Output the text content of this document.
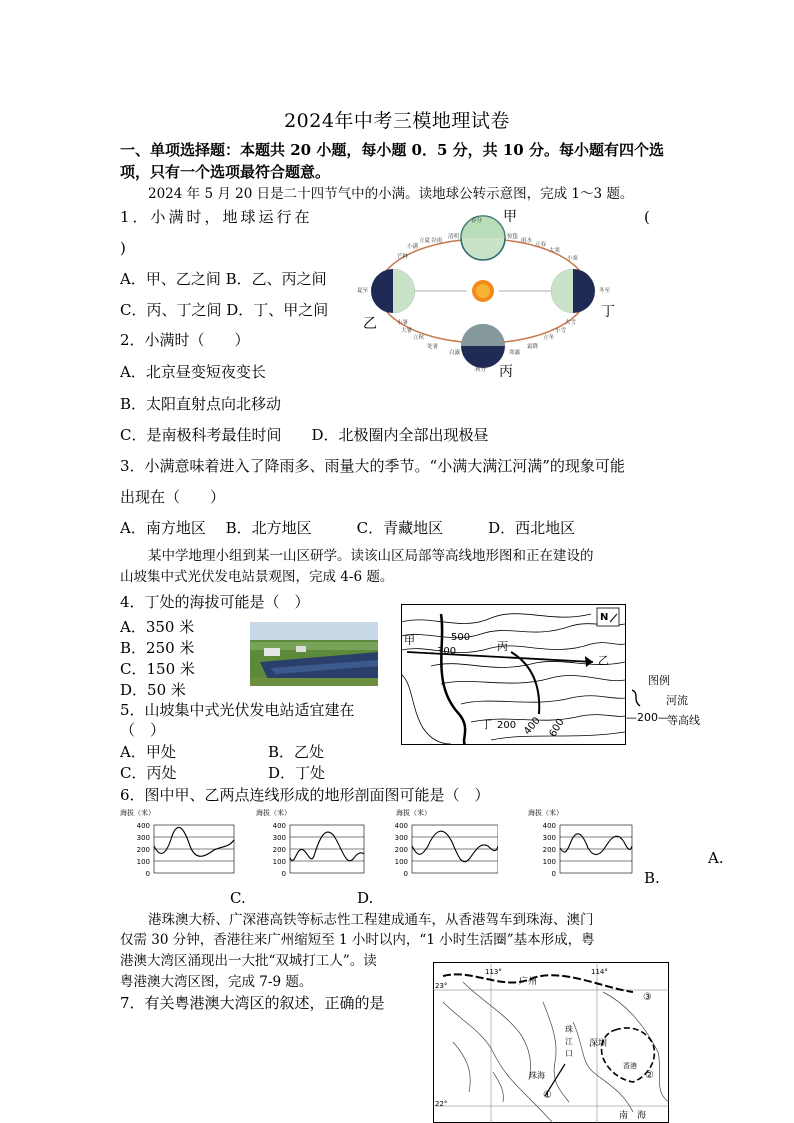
2024年中考三模地理试卷
一、单项选择题：本题共 20 小题，每小题 0．5 分，共 10 分。每小题有四个选
项，只有一个选项最符合题意。
2024 年 5 月 20 日是二十四节气中的小满。读地球公转示意图，完成 1～3 题。
1．小满时，地球运行在	(
)
A．甲、乙之间 B．乙、丙之间
C．丙、丁之间 D．丁、甲之间
2．小满时（　　）
A．北京昼变短夜变长
B．太阳直射点向北移动
C．是南极科考最佳时间　　D．北极圈内全部出现极昼
3．小满意味着进入了降雨多、雨量大的季节。“小满大满江河满”的现象可能
出现在（　　）
A．南方地区　 B．北方地区　　　C．青藏地区　　　D．西北地区
某中学地理小组到某一山区研学。读该山区局部等高线地形图和正在建设的
山坡集中式光伏发电站景观图，完成 4-6 题。
4．丁处的海拔可能是（　）
A．350 米
B．250 米
C．150 米
D．50 米
5．山坡集中式光伏发电站适宜建在
（　）
A．甲处	B．乙处
C．丙处	D．丁处
6．图中甲、乙两点连线形成的地形剖面图可能是（　）
A.
B.
C.	D.
港珠澳大桥、广深港高铁等标志性工程建成通车，从香港驾车到珠海、澳门
仅需 30 分钟，香港往来广州缩短至 1 小时以内，“1 小时生活圈”基本形成，粤
港澳大湾区涌现出一大批“双城打工人”。读
粤港澳大湾区图，完成 7-9 题。
7．有关粤港澳大湾区的叙述，正确的是
甲
乙
丙
丁
清明
春分
惊蛰
谷雨	雨水
立夏
立春
小满
大寒
芒种
夏至
小暑
小寒
冬至
大雪
大暑
立秋
处暑
白露
秋分
寒露
霜降
立冬
小雪
N
甲
乙
丙
丁
500
300
200 400 600
图例
河流
—200—
等高线
海拔（米）
400
300
200
100
0
海拔（米）
400
300
200
100
0
海拔（米）
400
300
200
100
0
海拔（米）
400
300
200
100
0
113°	114°
23°
22°
广州
深圳
珠
江
口
珠海
香港
南　海
①
②
③
